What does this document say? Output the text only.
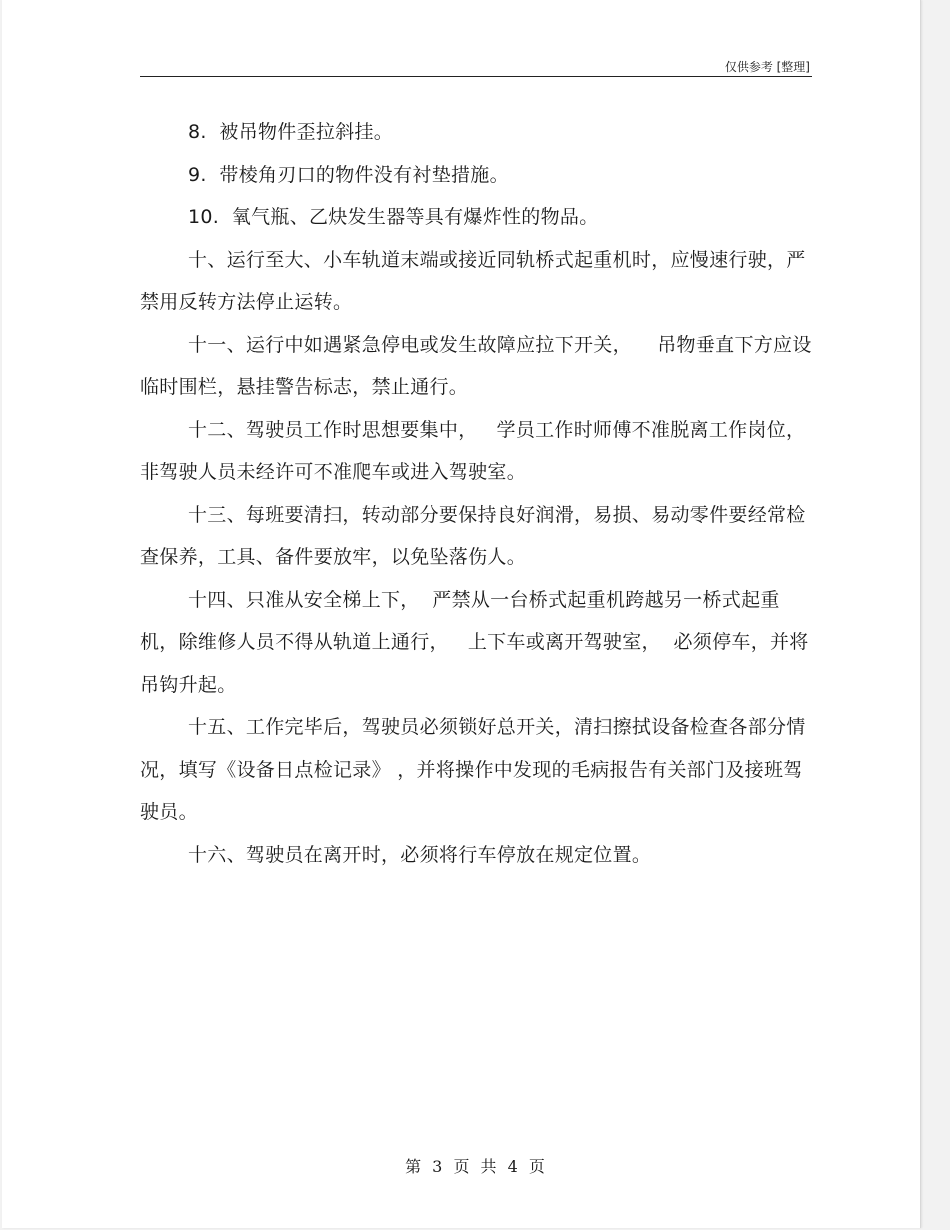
仅供参考 [整理]

8.  被吊物件歪拉斜挂。

9.  带棱角刃口的物件没有衬垫措施。

10.  氧气瓶、乙炔发生器等具有爆炸性的物品。

十、运行至大、小车轨道末端或接近同轨桥式起重机时，应慢速行驶，严禁用反转方法停止运转。

十一、运行中如遇紧急停电或发生故障应拉下开关，    吊物垂直下方应设临时围栏，悬挂警告标志，禁止通行。

十二、驾驶员工作时思想要集中，   学员工作时师傅不准脱离工作岗位，非驾驶人员未经许可不准爬车或进入驾驶室。

十三、每班要清扫，转动部分要保持良好润滑，易损、易动零件要经常检查保养，工具、备件要放牢，以免坠落伤人。

十四、只准从安全梯上下，  严禁从一台桥式起重机跨越另一桥式起重机，除维修人员不得从轨道上通行，   上下车或离开驾驶室，  必须停车，并将吊钩升起。

十五、工作完毕后，驾驶员必须锁好总开关，清扫擦拭设备检查各部分情况，填写《设备日点检记录》 ，并将操作中发现的毛病报告有关部门及接班驾驶员。

十六、驾驶员在离开时，必须将行车停放在规定位置。

第 3 页 共 4 页
